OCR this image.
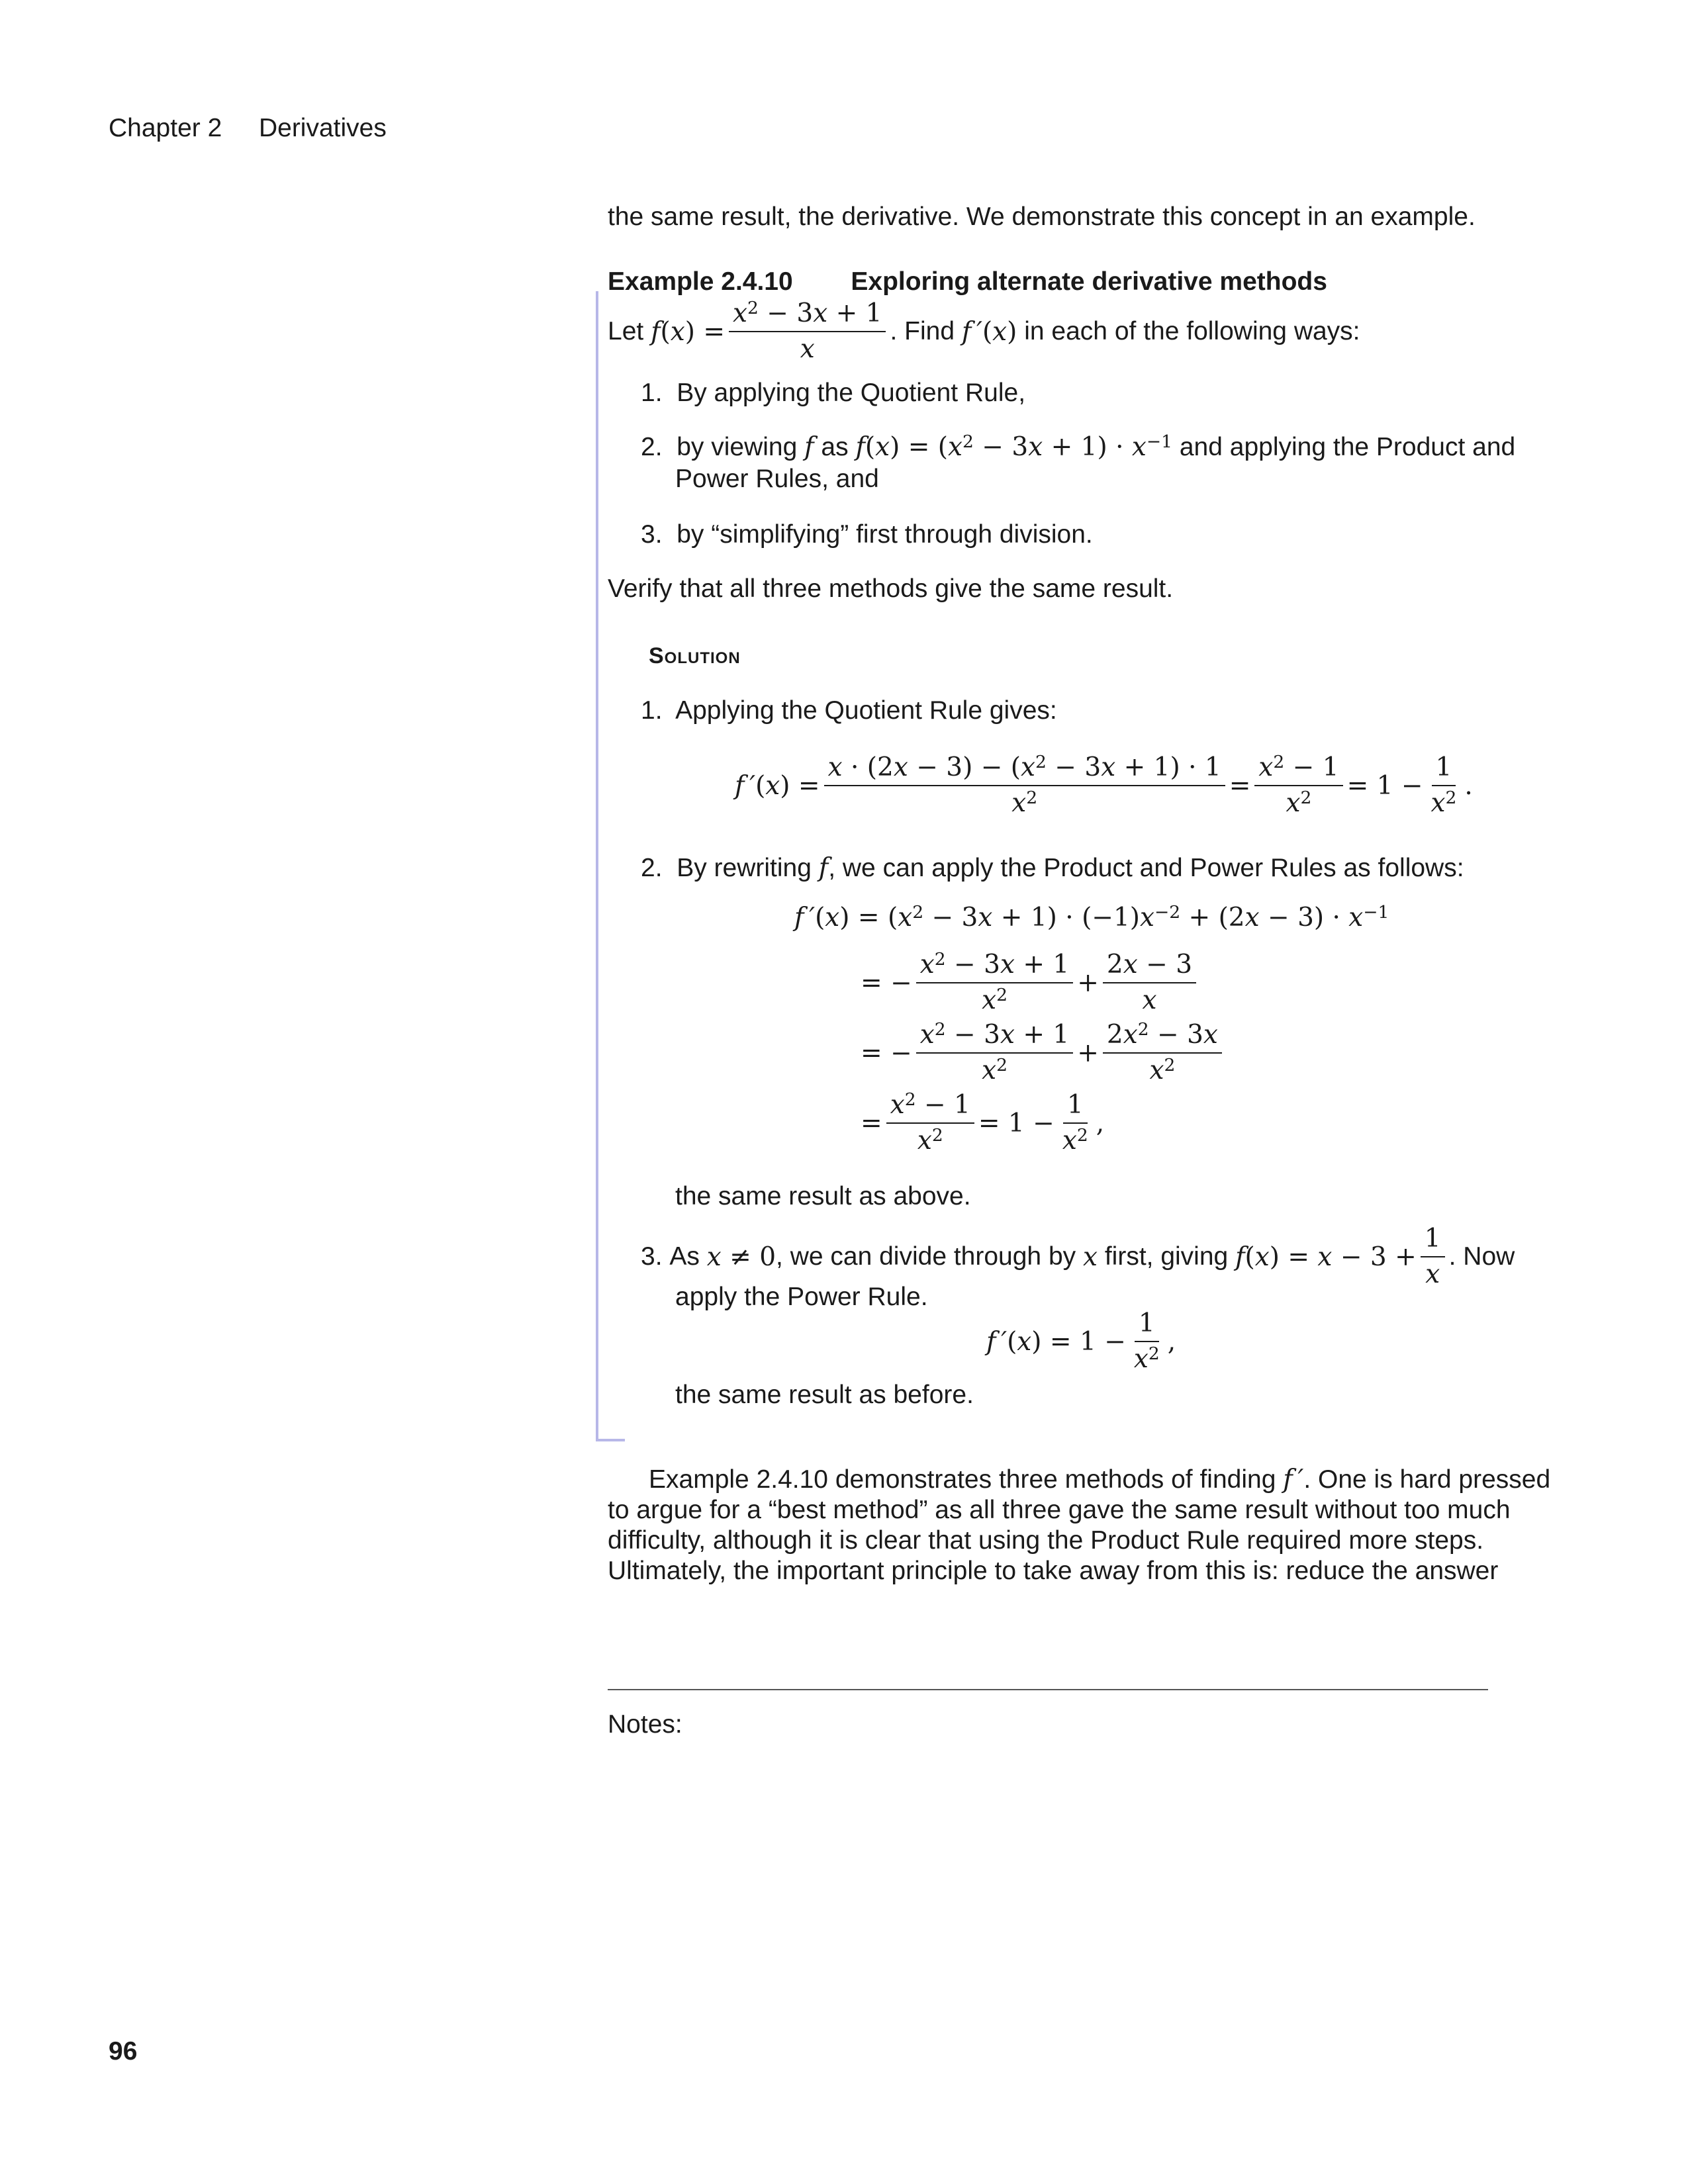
Chapter 2 Derivatives
the same result, the derivative. We demonstrate this concept in an example.
Example 2.4.10 Exploring alternate derivative methods
Let
f ( x ) = $\frac{x^2 - 3x + 1}{x}$ . Find
f ′(x)
in each of the following ways:
1. By applying the Quotient Rule,
2. by viewing f as $f(x) = (x^2 - 3x + 1) \cdot x^{-1}$ and applying the Product and
Power Rules, and
3. by “simplifying” first through division.
Verify that all three methods give the same result.
Solution
1. Applying the Quotient Rule gives:
f $'(x) = \frac{x \cdot (2x - 3) - (x^2 - 3x + 1) \cdot 1}{x^2} = \frac{x^2 - 1}{x^2} = 1 - \frac{1}{x^2}$ .
2. By rewriting f, we can apply the Product and Power Rules as follows:
f $'(x) = (x^2 - 3x + 1) \cdot (-1)x^{-2} + (2x - 3) \cdot x^{-1}$
= − $\frac{x^2 - 3x + 1}{x^2} + \frac{2x - 3}{x}$
= − $\frac{x^2 - 3x + 1}{x^2} + \frac{2x^2 - 3x}{x^2}$
= $\frac{x^2 - 1}{x^2} = 1 - \frac{1}{x^2}$ ,
the same result as above.
3.
As
x ≠ 0 , we can divide through by
x
first, giving
$f(x) = x - 3 + \frac{1}{x}$ . Now
apply the Power Rule.
f $'(x) = 1 - \frac{1}{x^2}$ ,
the same result as before.
Example 2.4.10 demonstrates three methods of finding f ′. One is hard pressed
to argue for a “best method” as all three gave the same result without too much
difficulty, although it is clear that using the Product Rule required more steps.
Ultimately, the important principle to take away from this is: reduce the answer
Notes:
96
